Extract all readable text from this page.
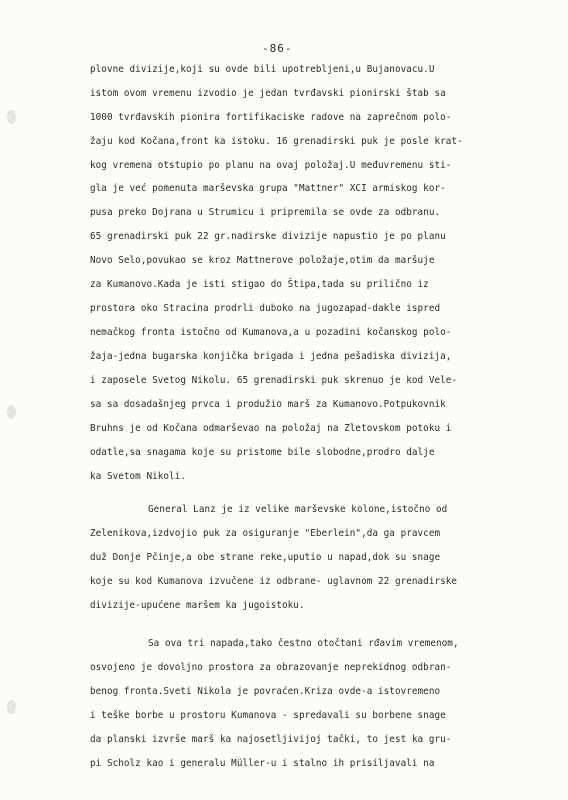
-86-
plovne divizije,koji su ovde bili upotrebljeni,u Bujanovacu.U
istom ovom vremenu izvodio je jedan tvrđavski pionirski štab sa
1000 tvrđavskih pionira fortifikaciske radove na zaprečnom polo-
žaju kod Kočana,front ka istoku. 16 grenadirski puk je posle krat-
kog vremena otstupio po planu na ovaj položaj.U međuvremenu sti-
gla je već pomenuta marševska grupa "Mattner" XCI armiskog kor-
pusa preko Dojrana u Strumicu i pripremila se ovde za odbranu.
65 grenadirski puk 22 gr.nadirske divizije napustio je po planu
Novo Selo,povukao se kroz Mattnerove položaje,otim da maršuje
za Kumanovo.Kada je isti stigao do Štipa,tada su prilično iz
prostora oko Stracina prodrli duboko na jugozapad-dakle ispred
nemačkog fronta istočno od Kumanova,a u pozadini kočanskog polo-
žaja-jedna bugarska konjička brigada i jedna pešadiska divizija,
i zaposele Svetog Nikolu. 65 grenadirski puk skrenuo je kod Vele-
sa sa dosadašnjeg prvca i produžio marš za Kumanovo.Potpukovnik
Bruhns je od Kočana odmarševao na položaj na Zletovskom potoku i
odatle,sa snagama koje su pristome bile slobodne,prodro dalje
ka Svetom Nikoli.
General Lanz je iz velike marševske kolone,istočno od
Zelenikova,izdvojio puk za osiguranje "Eberlein",da ga pravcem
duž Donje Pčinje,a obe strane reke,uputio u napad,dok su snage
koje su kod Kumanova izvučene iz odbrane- uglavnom 22 grenadirske
divizije-upućene maršem ka jugoistoku.
Sa ova tri napada,tako čestno otočtani rđavim vremenom,
osvojeno je dovoljno prostora za obrazovanje neprekidnog odbran-
benog fronta.Sveti Nikola je povraćen.Kriza ovde-a istovremeno
i teške borbe u prostoru Kumanova - spredavali su borbene snage
da planski izvrše marš ka najosetljivijoj tački, to jest ka gru-
pi Scholz kao i generalu Müller-u i stalno ih prisiljavali na
